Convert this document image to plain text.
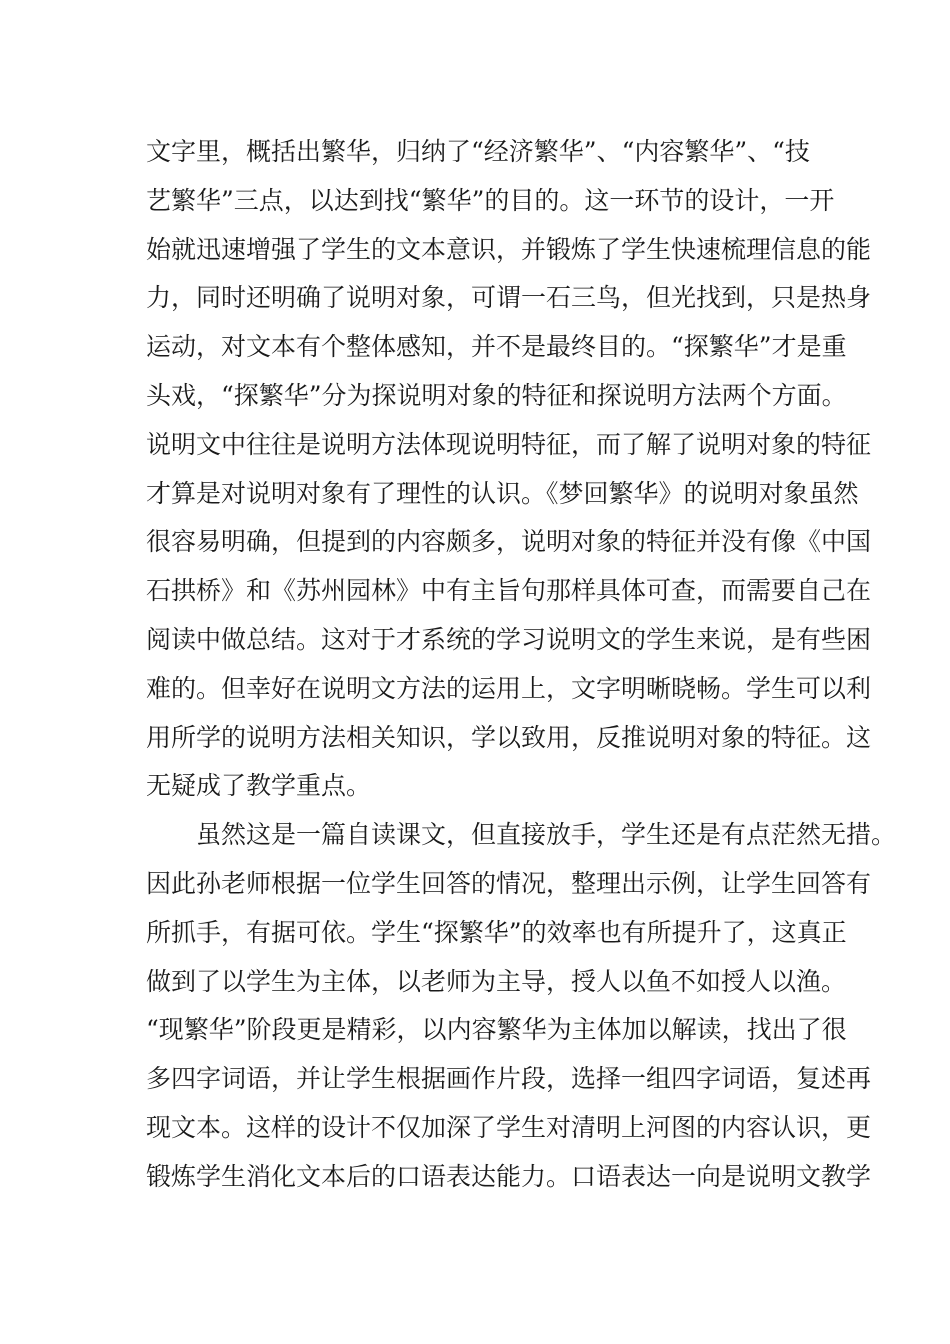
文字里，概括出繁华，归纳了“经济繁华”、“内容繁华”、“技
艺繁华”三点，以达到找“繁华”的目的。这一环节的设计，一开
始就迅速增强了学生的文本意识，并锻炼了学生快速梳理信息的能
力，同时还明确了说明对象，可谓一石三鸟，但光找到，只是热身
运动，对文本有个整体感知，并不是最终目的。“探繁华”才是重
头戏，“探繁华”分为探说明对象的特征和探说明方法两个方面。
说明文中往往是说明方法体现说明特征，而了解了说明对象的特征
才算是对说明对象有了理性的认识。《梦回繁华》的说明对象虽然
很容易明确，但提到的内容颇多，说明对象的特征并没有像《中国
石拱桥》和《苏州园林》中有主旨句那样具体可查，而需要自己在
阅读中做总结。这对于才系统的学习说明文的学生来说，是有些困
难的。但幸好在说明文方法的运用上，文字明晰晓畅。学生可以利
用所学的说明方法相关知识，学以致用，反推说明对象的特征。这
无疑成了教学重点。
　　虽然这是一篇自读课文，但直接放手，学生还是有点茫然无措。
因此孙老师根据一位学生回答的情况，整理出示例，让学生回答有
所抓手，有据可依。学生“探繁华”的效率也有所提升了，这真正
做到了以学生为主体，以老师为主导，授人以鱼不如授人以渔。
“现繁华”阶段更是精彩，以内容繁华为主体加以解读，找出了很
多四字词语，并让学生根据画作片段，选择一组四字词语，复述再
现文本。这样的设计不仅加深了学生对清明上河图的内容认识，更
锻炼学生消化文本后的口语表达能力。口语表达一向是说明文教学
